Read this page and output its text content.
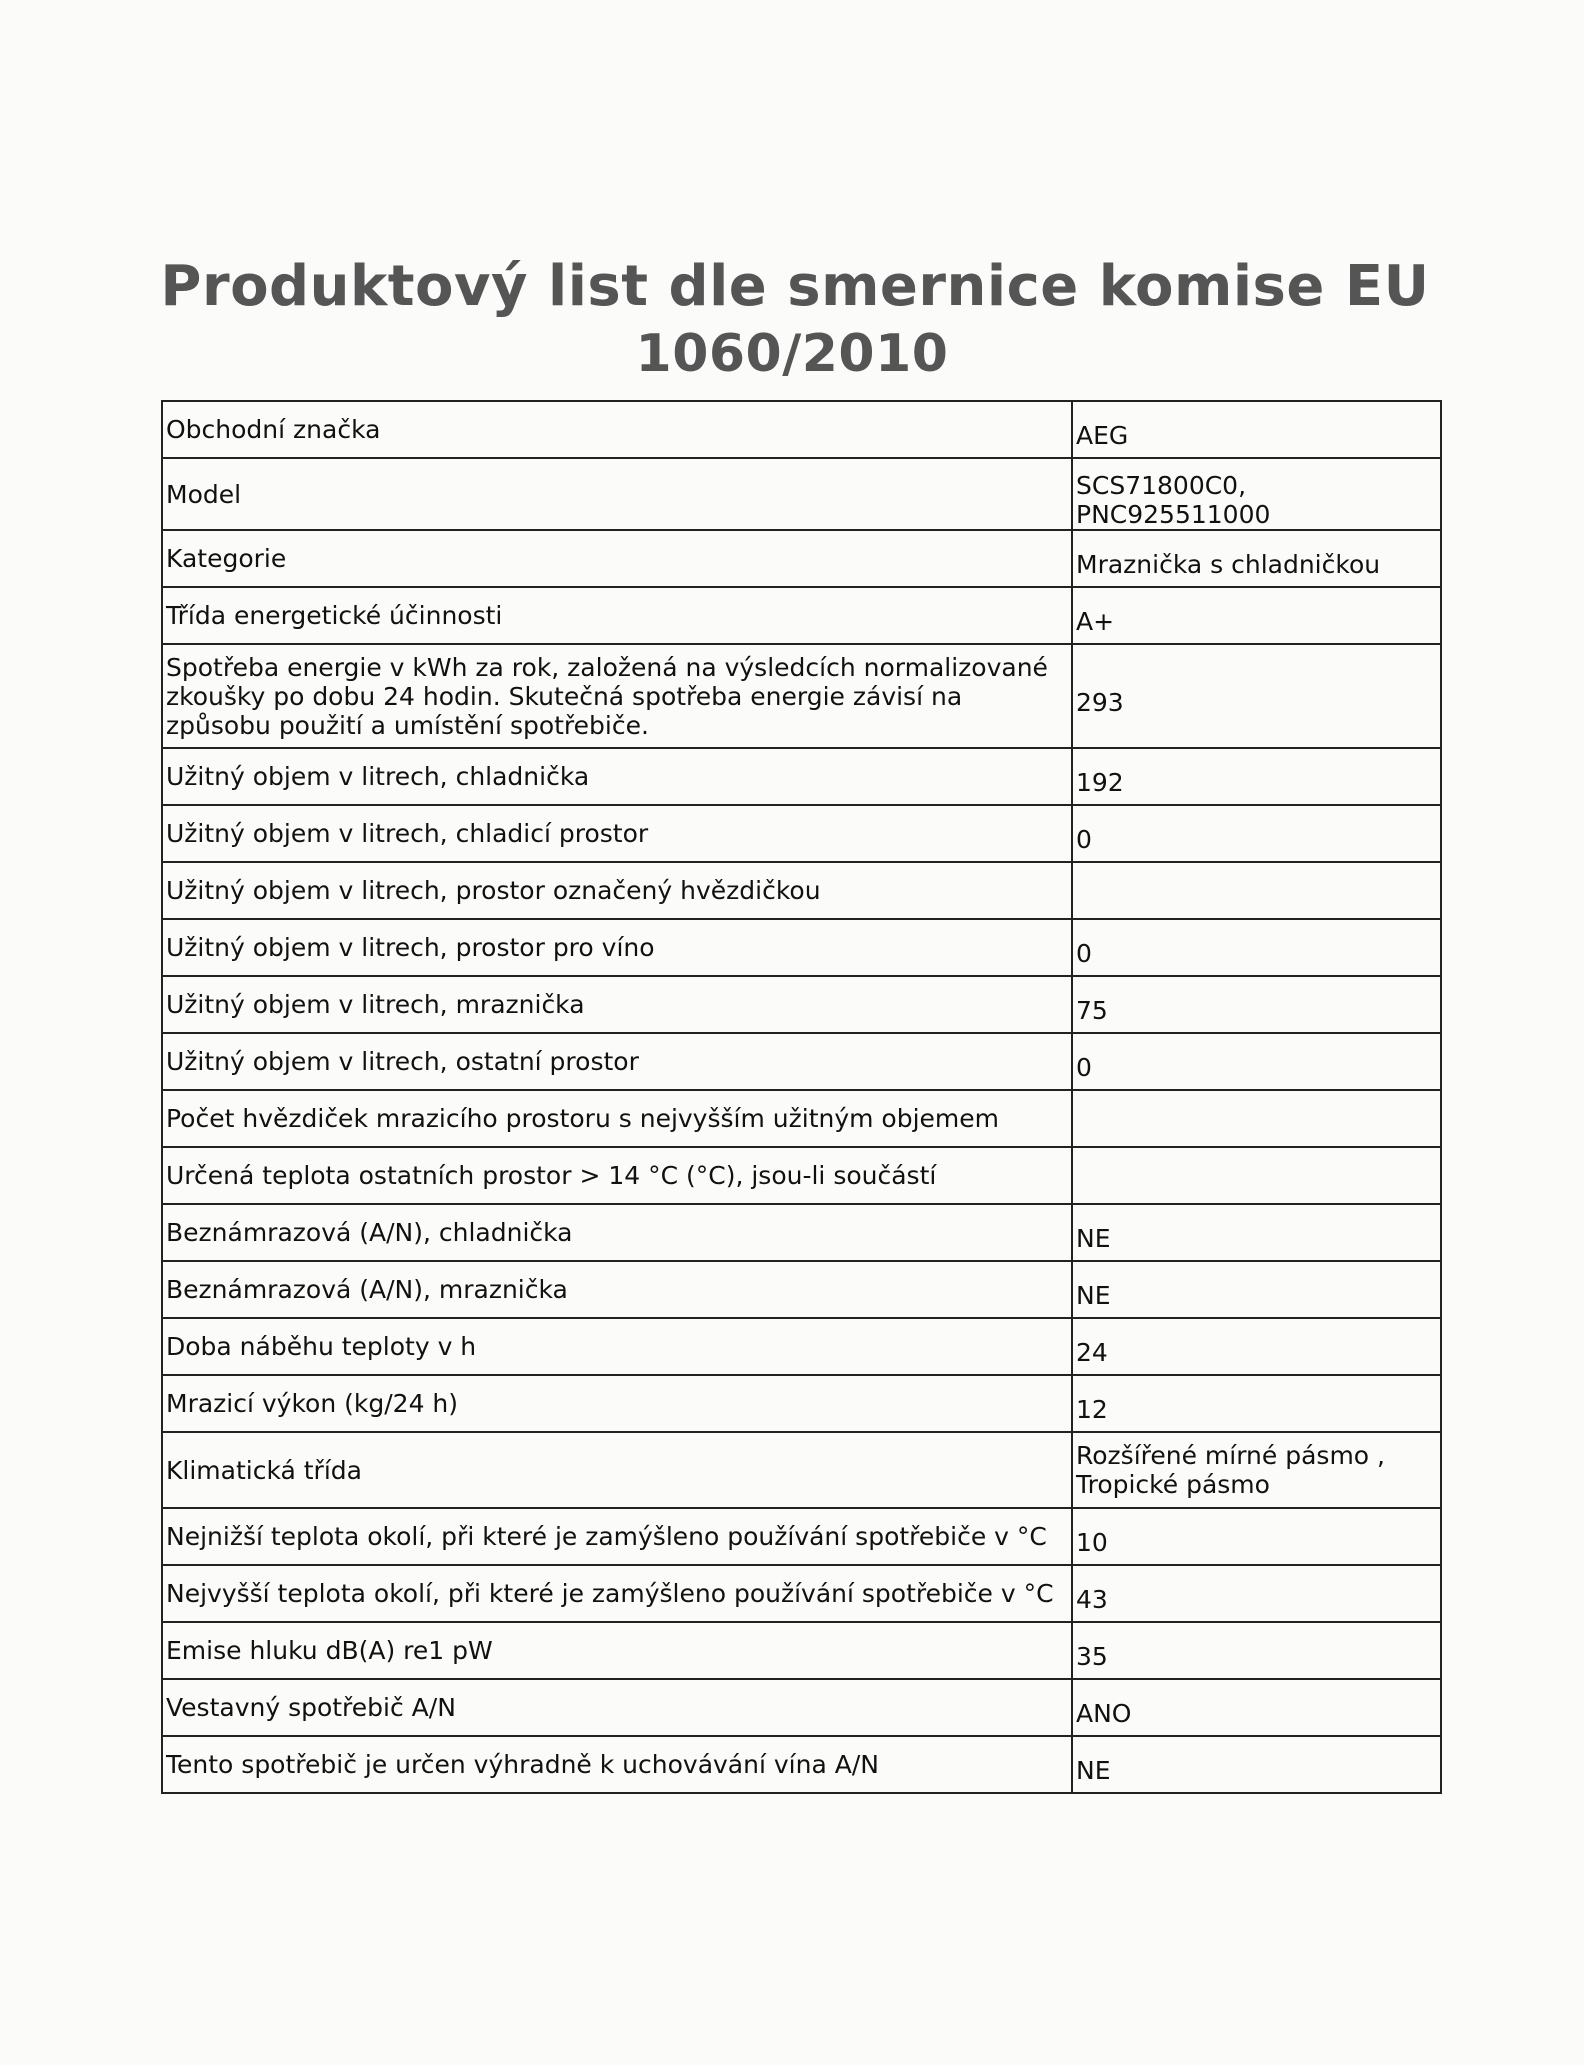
Produktový list dle smernice komise EU
1060/2010
Obchodní značka	AEG
Model	SCS71800C0, PNC925511000
Kategorie	Mraznička s chladničkou
Třída energetické účinnosti	A+
Spotřeba energie v kWh za rok, založená na výsledcích normalizované zkoušky po dobu 24 hodin. Skutečná spotřeba energie závisí na způsobu použití a umístění spotřebiče.	293
Užitný objem v litrech, chladnička	192
Užitný objem v litrech, chladicí prostor	0
Užitný objem v litrech, prostor označený hvězdičkou	
Užitný objem v litrech, prostor pro víno	0
Užitný objem v litrech, mraznička	75
Užitný objem v litrech, ostatní prostor	0
Počet hvězdiček mrazicího prostoru s nejvyšším užitným objemem	
Určená teplota ostatních prostor > 14 °C (°C), jsou-li součástí	
Beznámrazová (A/N), chladnička	NE
Beznámrazová (A/N), mraznička	NE
Doba náběhu teploty v h	24
Mrazicí výkon (kg/24 h)	12
Klimatická třída	Rozšířené mírné pásmo , Tropické pásmo
Nejnižší teplota okolí, při které je zamýšleno používání spotřebiče v °C	10
Nejvyšší teplota okolí, při které je zamýšleno používání spotřebiče v °C	43
Emise hluku dB(A) re1 pW	35
Vestavný spotřebič A/N	ANO
Tento spotřebič je určen výhradně k uchovávání vína A/N	NE
